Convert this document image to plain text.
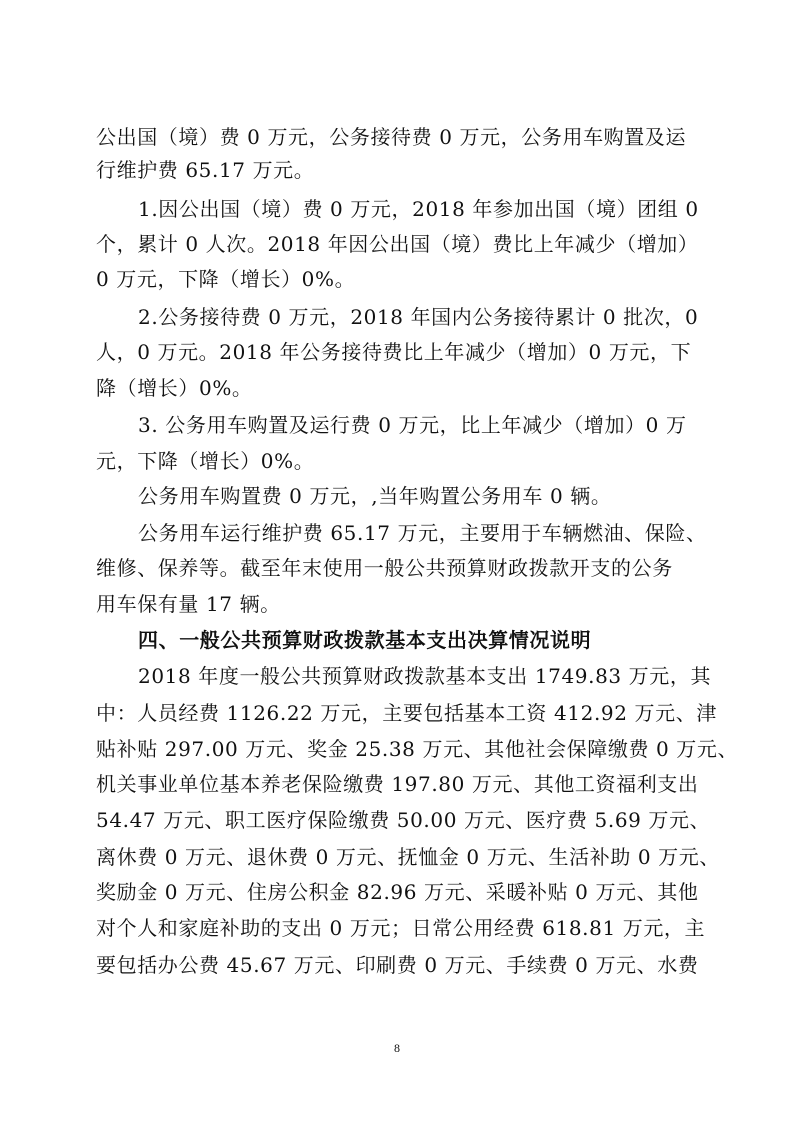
公出国（境）费 0 万元，公务接待费 0 万元，公务用车购置及运
行维护费 65.17 万元。
1.因公出国（境）费 0 万元，2018 年参加出国（境）团组 0
个，累计 0 人次。2018 年因公出国（境）费比上年减少（增加）
0 万元，下降（增长）0%。
2.公务接待费 0 万元，2018 年国内公务接待累计 0 批次，0
人，0 万元。2018 年公务接待费比上年减少（增加）0 万元，下
降（增长）0%。
3. 公务用车购置及运行费 0 万元，比上年减少（增加）0 万
元，下降（增长）0%。
公务用车购置费 0 万元，,当年购置公务用车 0 辆。
公务用车运行维护费 65.17 万元，主要用于车辆燃油、保险、
维修、保养等。截至年末使用一般公共预算财政拨款开支的公务
用车保有量 17 辆。
四、一般公共预算财政拨款基本支出决算情况说明
2018 年度一般公共预算财政拨款基本支出 1749.83 万元，其
中：人员经费 1126.22 万元，主要包括基本工资 412.92 万元、津
贴补贴 297.00 万元、奖金 25.38 万元、其他社会保障缴费 0 万元、
机关事业单位基本养老保险缴费 197.80 万元、其他工资福利支出
54.47 万元、职工医疗保险缴费 50.00 万元、医疗费 5.69 万元、
离休费 0 万元、退休费 0 万元、抚恤金 0 万元、生活补助 0 万元、
奖励金 0 万元、住房公积金 82.96 万元、采暖补贴 0 万元、其他
对个人和家庭补助的支出 0 万元；日常公用经费 618.81 万元，主
要包括办公费 45.67 万元、印刷费 0 万元、手续费 0 万元、水费
8
